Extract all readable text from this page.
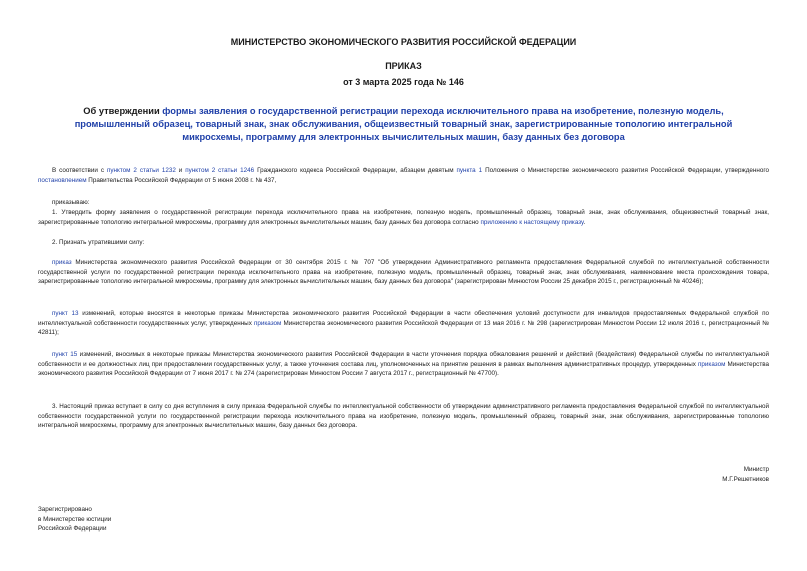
МИНИСТЕРСТВО ЭКОНОМИЧЕСКОГО РАЗВИТИЯ РОССИЙСКОЙ ФЕДЕРАЦИИ
ПРИКАЗ
от 3 марта 2025 года № 146
Об утверждении формы заявления о государственной регистрации перехода исключительного права на изобретение, полезную модель, промышленный образец, товарный знак, знак обслуживания, общеизвестный товарный знак, зарегистрированные топологию интегральной микросхемы, программу для электронных вычислительных машин, базу данных без договора
В соответствии с пунктом 2 статьи 1232 и пунктом 2 статьи 1246 Гражданского кодекса Российской Федерации, абзацем девятым пункта 1 Положения о Министерстве экономического развития Российской Федерации, утвержденного постановлением Правительства Российской Федерации от 5 июня 2008 г. № 437,
приказываю:
1. Утвердить форму заявления о государственной регистрации перехода исключительного права на изобретение, полезную модель, промышленный образец, товарный знак, знак обслуживания, общеизвестный товарный знак, зарегистрированные топологию интегральной микросхемы, программу для электронных вычислительных машин, базу данных без договора согласно приложению к настоящему приказу.
2. Признать утратившими силу:
приказ Министерства экономического развития Российской Федерации от 30 сентября 2015 г. № 707 "Об утверждении Административного регламента предоставления Федеральной службой по интеллектуальной собственности государственной услуги по государственной регистрации перехода исключительного права на изобретение, полезную модель, промышленный образец, товарный знак, знак обслуживания, наименование места происхождения товара, зарегистрированные топологию интегральной микросхемы, программу для электронных вычислительных машин, базу данных без договора" (зарегистрирован Минюстом России 25 декабря 2015 г., регистрационный № 40246);
пункт 13 изменений, которые вносятся в некоторые приказы Министерства экономического развития Российской Федерации в части обеспечения условий доступности для инвалидов предоставляемых Федеральной службой по интеллектуальной собственности государственных услуг, утвержденных приказом Министерства экономического развития Российской Федерации от 13 мая 2016 г. № 298 (зарегистрирован Минюстом России 12 июля 2016 г., регистрационный № 42811);
пункт 15 изменений, вносимых в некоторые приказы Министерства экономического развития Российской Федерации в части уточнения порядка обжалования решений и действий (бездействия) Федеральной службы по интеллектуальной собственности и ее должностных лиц при предоставлении государственных услуг, а также уточнения состава лиц, уполномоченных на принятие решения в рамках выполнения административных процедур, утвержденных приказом Министерства экономического развития Российской Федерации от 7 июня 2017 г. № 274 (зарегистрирован Минюстом России 7 августа 2017 г., регистрационный № 47700).
3. Настоящий приказ вступает в силу со дня вступления в силу приказа Федеральной службы по интеллектуальной собственности об утверждении административного регламента предоставления Федеральной службой по интеллектуальной собственности государственной услуги по государственной регистрации перехода исключительного права на изобретение, полезную модель, промышленный образец, товарный знак, знак обслуживания, зарегистрированные топологию интегральной микросхемы, программу для электронных вычислительных машин, базу данных без договора.
Министр
М.Г.Решетников
Зарегистрировано
в Министерстве юстиции
Российской Федерации
